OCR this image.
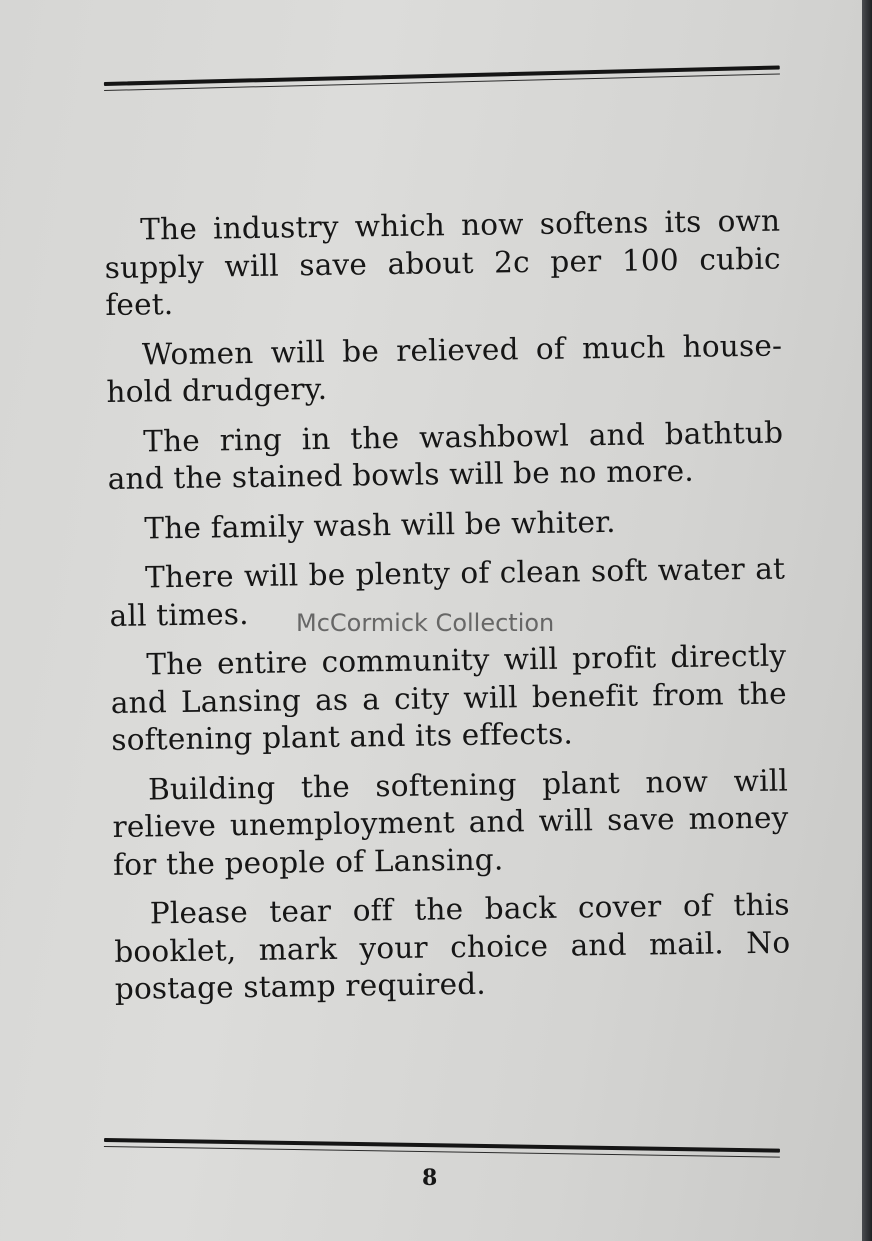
The industry which now softens its own supply will save about 2c per 100 cubic feet.

Women will be relieved of much household drudgery.

The ring in the washbowl and bathtub and the stained bowls will be no more.

The family wash will be whiter.

There will be plenty of clean soft water at all times.

The entire community will profit directly and Lansing as a city will benefit from the softening plant and its effects.

Building the softening plant now will relieve unemployment and will save money for the people of Lansing.

Please tear off the back cover of this booklet, mark your choice and mail. No postage stamp required.

McCormick Collection
8
